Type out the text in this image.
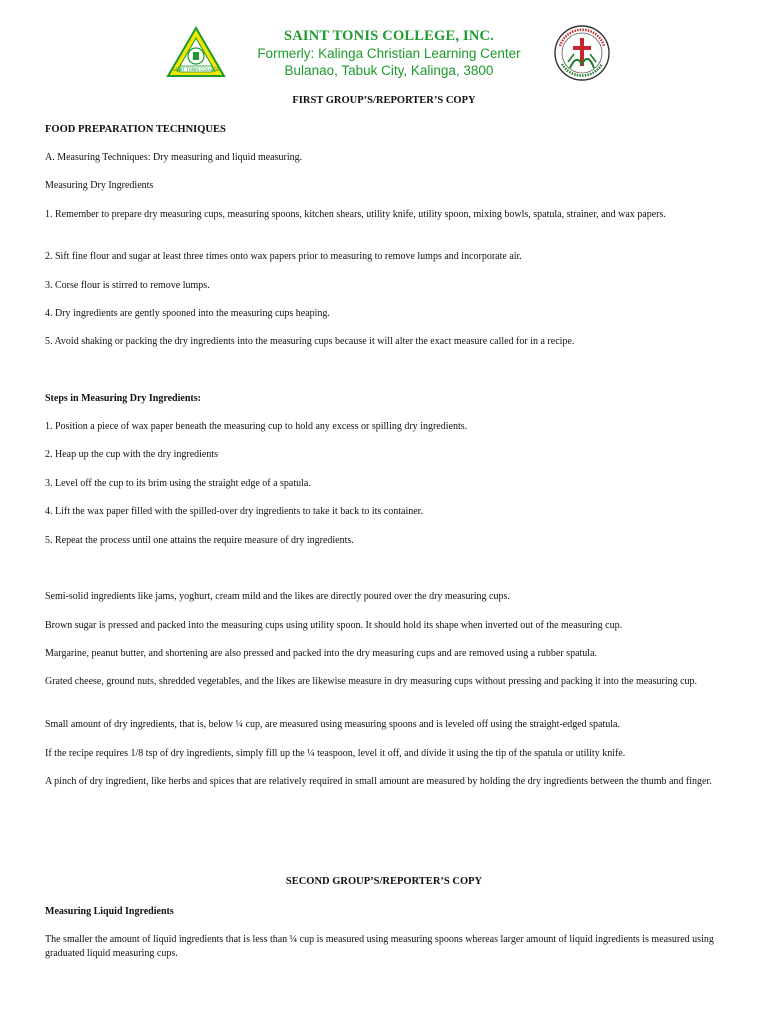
SAINT TONIS COLLEGE
SAINT TONIS COLLEGE, INC.
Formerly: Kalinga Christian Learning Center
Bulanao, Tabuk City, Kalinga, 3800
FIRST GROUP’S/REPORTER’S COPY
FOOD PREPARATION TECHNIQUES
A. Measuring Techniques: Dry measuring and liquid measuring.
Measuring Dry Ingredients
1. Remember to prepare dry measuring cups, measuring spoons, kitchen shears, utility knife, utility spoon, mixing bowls, spatula, strainer, and wax papers.
2. Sift fine flour and sugar at least three times onto wax papers prior to measuring to remove lumps and incorporate air.
3. Corse flour is stirred to remove lumps.
4. Dry ingredients are gently spooned into the measuring cups heaping.
5. Avoid shaking or packing the dry ingredients into the measuring cups because it will alter the exact measure called for in a recipe.
Steps in Measuring Dry Ingredients:
1. Position a piece of wax paper beneath the measuring cup to hold any excess or spilling dry ingredients.
2. Heap up the cup with the dry ingredients
3. Level off the cup to its brim using the straight edge of a spatula.
4. Lift the wax paper filled with the spilled-over dry ingredients to take it back to its container.
5. Repeat the process until one attains the require measure of dry ingredients.
Semi-solid ingredients like jams, yoghurt, cream mild and the likes are directly poured over the dry measuring cups.
Brown sugar is pressed and packed into the measuring cups using utility spoon. It should hold its shape when inverted out of the measuring cup.
Margarine, peanut butter, and shortening are also pressed and packed into the dry measuring cups and are removed using a rubber spatula.
Grated cheese, ground nuts, shredded vegetables, and the likes are likewise measure in dry measuring cups without pressing and packing it into the measuring cup.
Small amount of dry ingredients, that is, below ¼ cup, are measured using measuring spoons and is leveled off using the straight-edged spatula.
If the recipe requires 1/8 tsp of dry ingredients, simply fill up the ¼ teaspoon, level it off, and divide it using the tip of the spatula or utility knife.
A pinch of dry ingredient, like herbs and spices that are relatively required in small amount are measured by holding the dry ingredients between the thumb and finger.
SECOND GROUP’S/REPORTER’S COPY
Measuring Liquid Ingredients
The smaller the amount of liquid ingredients that is less than ¼ cup is measured using measuring spoons whereas larger amount of liquid ingredients is measured using graduated liquid measuring cups.
